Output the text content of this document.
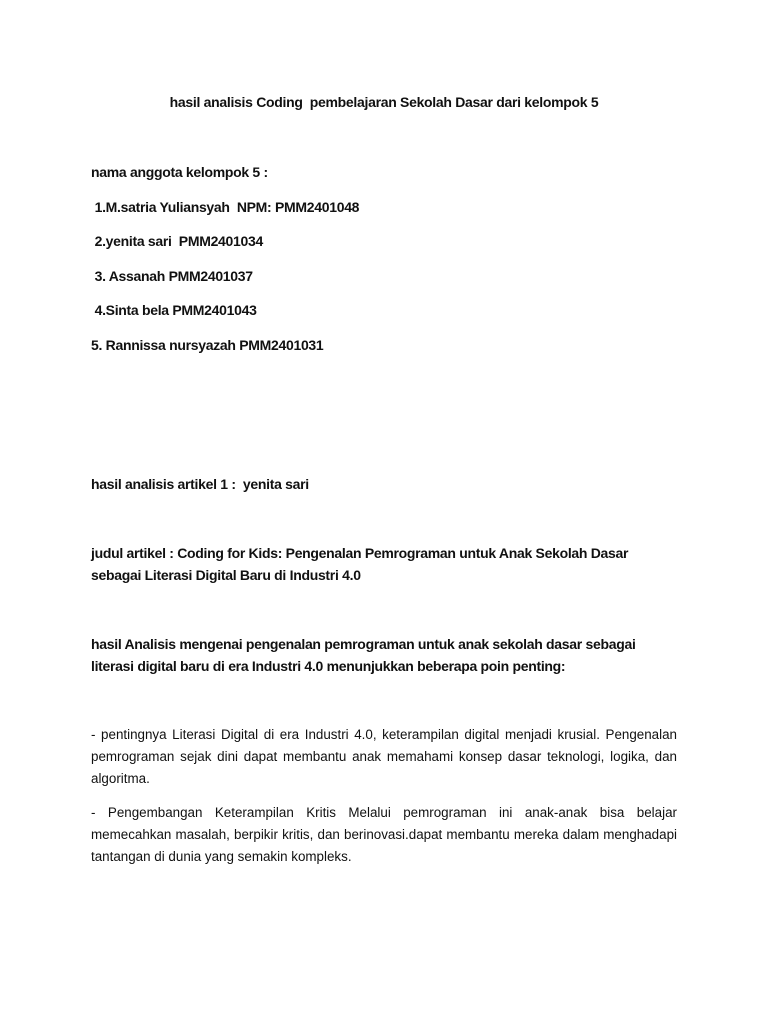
hasil analisis Coding  pembelajaran Sekolah Dasar dari kelompok 5
nama anggota kelompok 5 :
1.M.satria Yuliansyah  NPM: PMM2401048
2.yenita sari  PMM2401034
3. Assanah PMM2401037
4.Sinta bela PMM2401043
5. Rannissa nursyazah PMM2401031
hasil analisis artikel 1 :  yenita sari
judul artikel : Coding for Kids: Pengenalan Pemrograman untuk Anak Sekolah Dasar sebagai Literasi Digital Baru di Industri 4.0
hasil Analisis mengenai pengenalan pemrograman untuk anak sekolah dasar sebagai literasi digital baru di era Industri 4.0 menunjukkan beberapa poin penting:
- pentingnya Literasi Digital di era Industri 4.0, keterampilan digital menjadi krusial. Pengenalan pemrograman sejak dini dapat membantu anak memahami konsep dasar teknologi, logika, dan algoritma.
- Pengembangan Keterampilan Kritis Melalui pemrograman ini anak-anak bisa belajar memecahkan masalah, berpikir kritis, dan berinovasi.dapat membantu mereka dalam menghadapi tantangan di dunia yang semakin kompleks.
